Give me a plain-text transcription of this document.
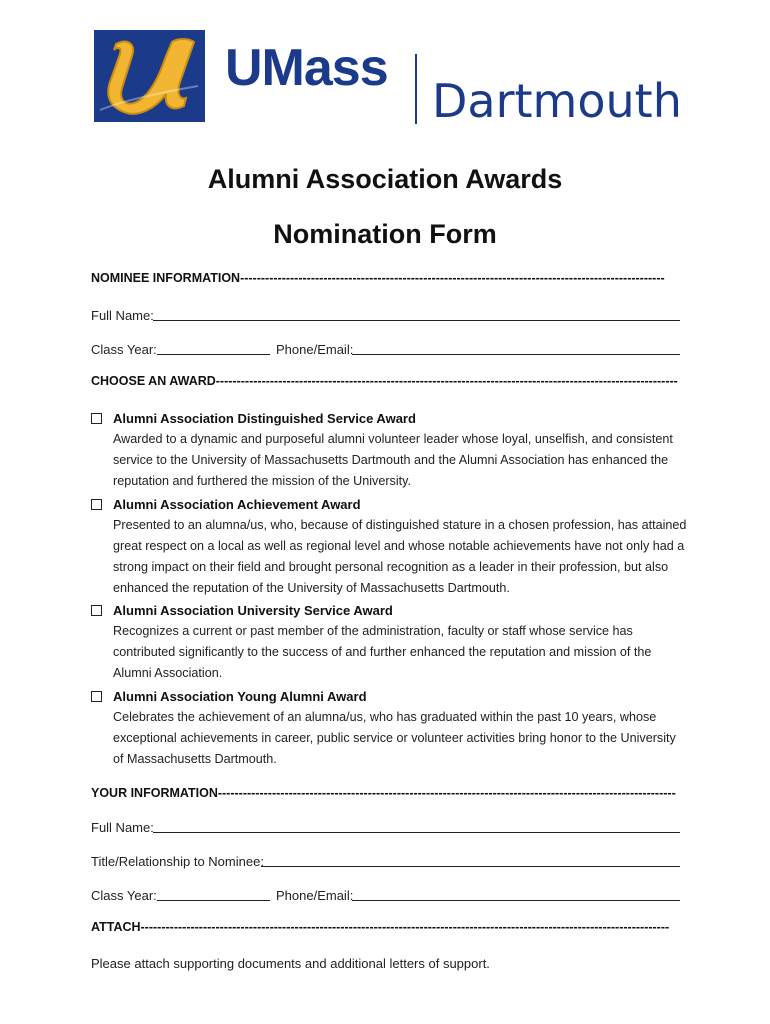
UMass
Dartmouth
Alumni Association Awards
Nomination Form
NOMINEE INFORMATION------------------------------------------------------------------------------------------------------
Full Name:
Class Year:	Phone/Email:
CHOOSE AN AWARD---------------------------------------------------------------------------------------------------------------
Alumni Association Distinguished Service Award
Awarded to a dynamic and purposeful alumni volunteer leader whose loyal, unselfish, and consistent
service to the University of Massachusetts Dartmouth and the Alumni Association has enhanced the
reputation and furthered the mission of the University.
Alumni Association Achievement Award
Presented to an alumna/us, who, because of distinguished stature in a chosen profession, has attained
great respect on a local as well as regional level and whose notable achievements have not only had a
strong impact on their field and brought personal recognition as a leader in their profession, but also
enhanced the reputation of the University of Massachusetts Dartmouth.
Alumni Association University Service Award
Recognizes a current or past member of the administration, faculty or staff whose service has
contributed significantly to the success of and further enhanced the reputation and mission of the
Alumni Association.
Alumni Association Young Alumni Award
Celebrates the achievement of an alumna/us, who has graduated within the past 10 years, whose
exceptional achievements in career, public service or volunteer activities bring honor to the University
of Massachusetts Dartmouth.
YOUR INFORMATION--------------------------------------------------------------------------------------------------------------
Full Name:
Title/Relationship to Nominee:
Class Year:	Phone/Email:
ATTACH-------------------------------------------------------------------------------------------------------------------------------
Please attach supporting documents and additional letters of support.
